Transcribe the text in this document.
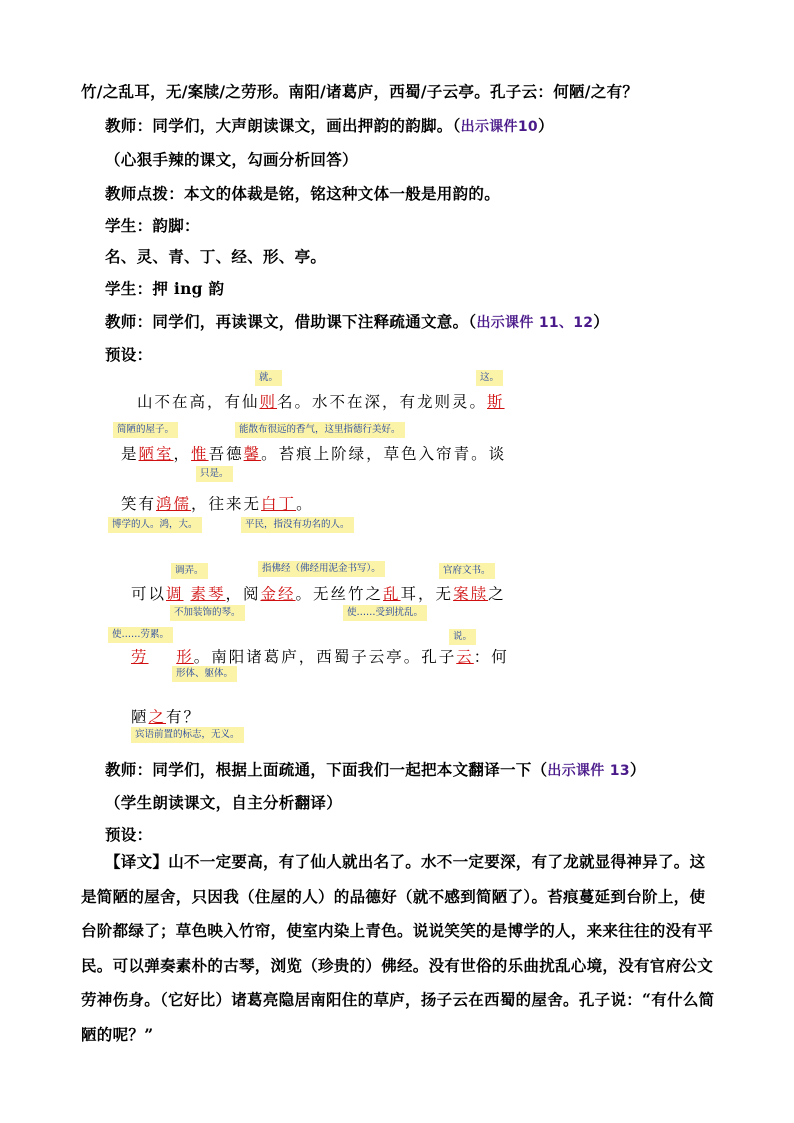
竹/之乱耳，无/案牍/之劳形。南阳/诸葛庐，西蜀/子云亭。孔子云：何陋/之有？
教师：同学们，大声朗读课文，画出押韵的韵脚。（出示课件10）
（心狠手辣的课文，勾画分析回答）
教师点拨：本文的体裁是铭，铭这种文体一般是用韵的。
学生：韵脚：
名、灵、青、丁、经、形、亭。
学生：押 ing 韵
教师：同学们，再读课文，借助课下注释疏通文意。（出示课件 11、12）
预设：
就。	这。
山不在高，有仙则名。水不在深，有龙则灵。斯
简陋的屋子。	能散布很远的香气，这里指德行美好。
是陋室，惟吾德馨。苔痕上阶绿，草色入帘青。谈
只是。
笑有鸿儒，往来无白丁。
博学的人。鸿，大。	平民，指没有功名的人。
调弄。	指佛经（佛经用泥金书写）。	官府文书。
可以调 素琴，阅金经。无丝竹之乱耳，无案牍之
不加装饰的琴。	使……受到扰乱。
使……劳累。	说。
劳 形。南阳诸葛庐，西蜀子云亭。孔子云：何
形体、躯体。
陋之有？
宾语前置的标志，无义。
教师：同学们，根据上面疏通，下面我们一起把本文翻译一下（出示课件 13）
（学生朗读课文，自主分析翻译）
预设：
【译文】山不一定要高，有了仙人就出名了。水不一定要深，有了龙就显得神异了。这是简陋的屋舍，只因我（住屋的人）的品德好（就不感到简陋了）。苔痕蔓延到台阶上，使台阶都绿了；草色映入竹帘，使室内染上青色。说说笑笑的是博学的人，来来往往的没有平民。可以弹奏素朴的古琴，浏览（珍贵的）佛经。没有世俗的乐曲扰乱心境，没有官府公文劳神伤身。（它好比）诸葛亮隐居南阳住的草庐，扬子云在西蜀的屋舍。孔子说：“有什么简陋的呢？”
